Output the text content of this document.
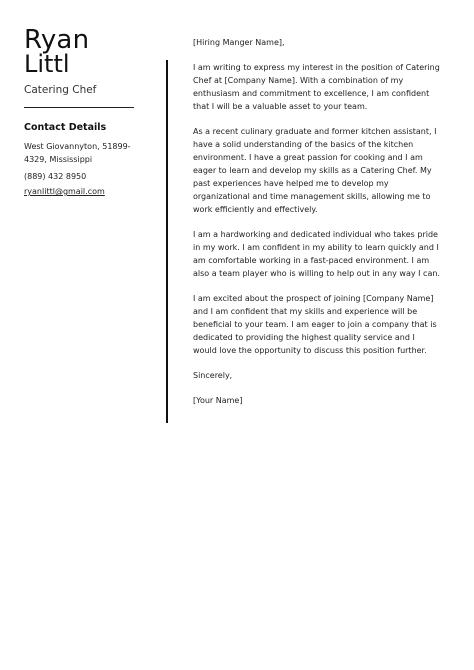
Ryan
Littl
Catering Chef
Contact Details
West Giovannyton, 51899-4329, Mississippi
(889) 432 8950
ryanlittl@gmail.com

[Hiring Manger Name],

I am writing to express my interest in the position of Catering Chef at [Company Name]. With a combination of my enthusiasm and commitment to excellence, I am confident that I will be a valuable asset to your team.

As a recent culinary graduate and former kitchen assistant, I have a solid understanding of the basics of the kitchen environment. I have a great passion for cooking and I am eager to learn and develop my skills as a Catering Chef. My past experiences have helped me to develop my organizational and time management skills, allowing me to work efficiently and effectively.

I am a hardworking and dedicated individual who takes pride in my work. I am confident in my ability to learn quickly and I am comfortable working in a fast-paced environment. I am also a team player who is willing to help out in any way I can.

I am excited about the prospect of joining [Company Name] and I am confident that my skills and experience will be beneficial to your team. I am eager to join a company that is dedicated to providing the highest quality service and I would love the opportunity to discuss this position further.

Sincerely,

[Your Name]
